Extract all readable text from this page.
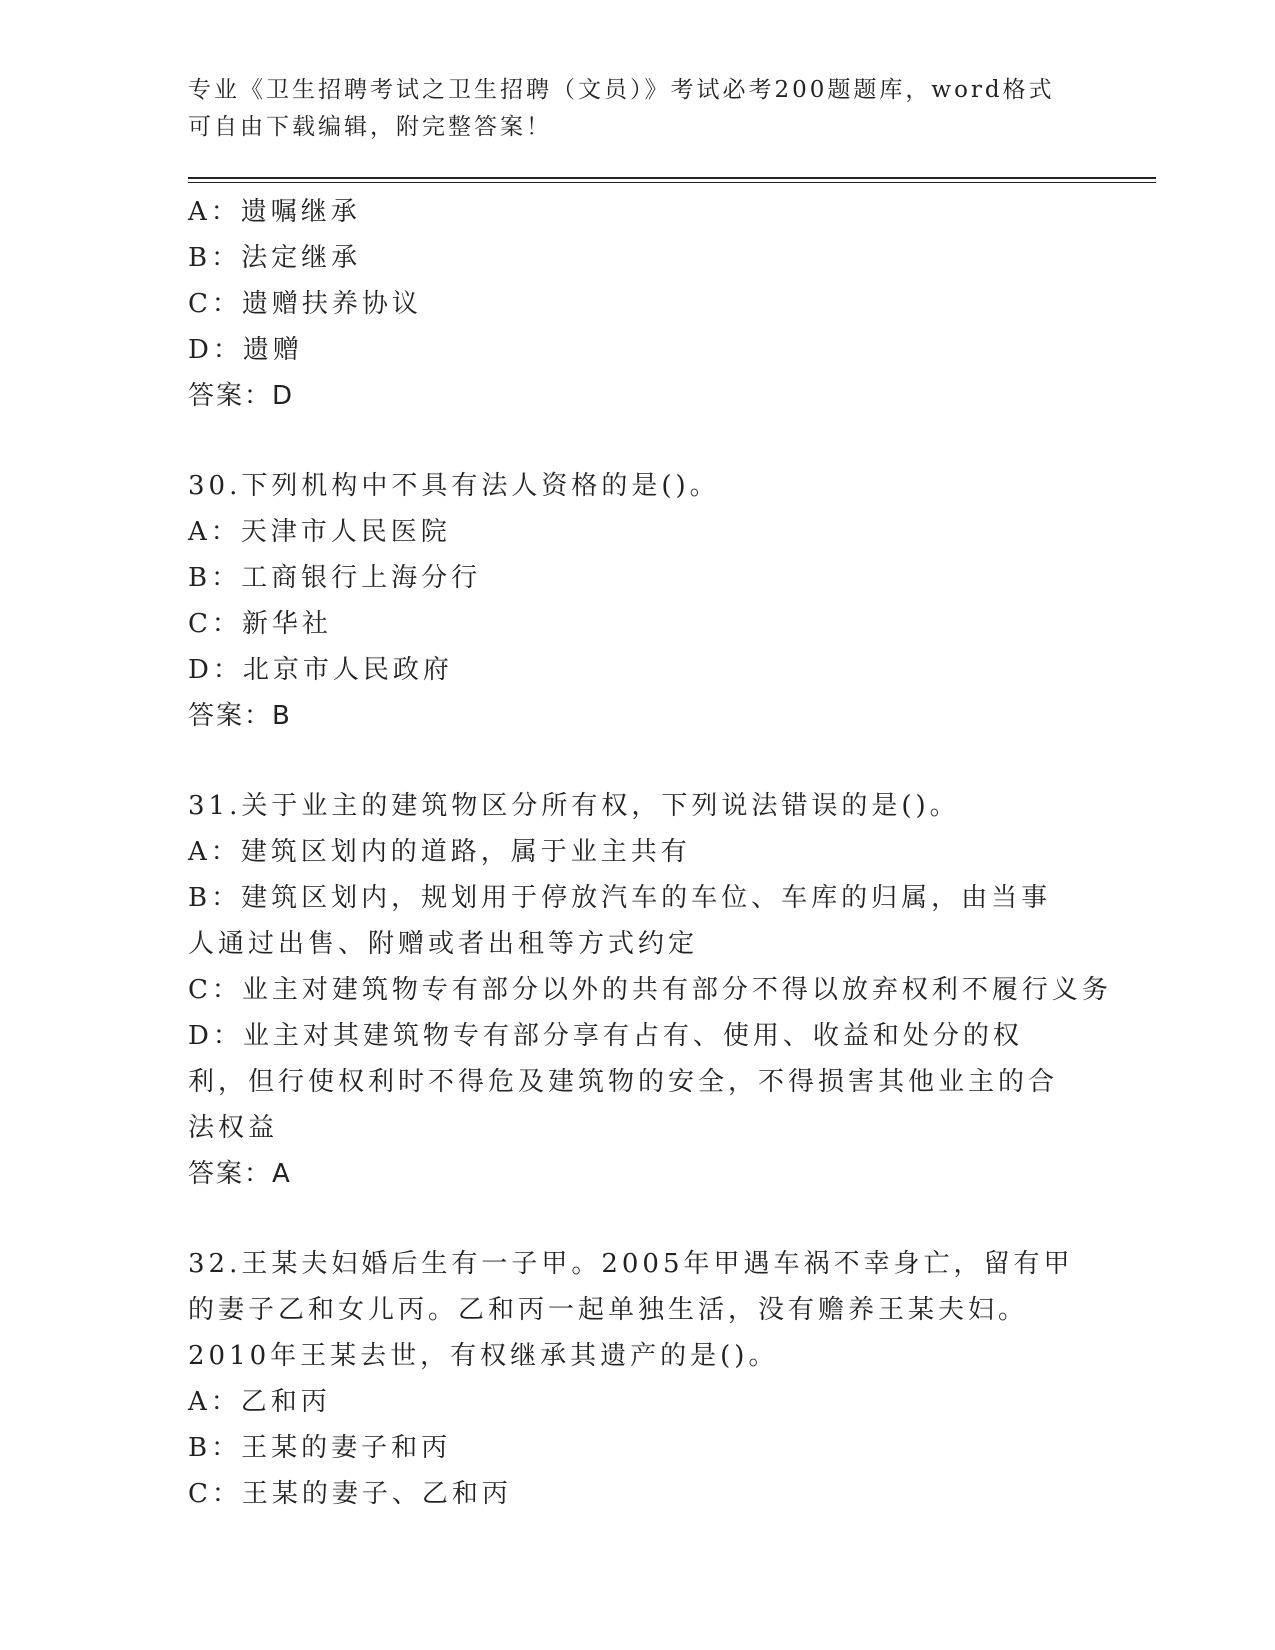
专业《卫生招聘考试之卫生招聘（文员）》考试必考200题题库，word格式可自由下载编辑，附完整答案！

A：遗嘱继承

B：法定继承

C：遗赠扶养协议

D：遗赠

答案：D

30.下列机构中不具有法人资格的是()。

A：天津市人民医院

B：工商银行上海分行

C：新华社

D：北京市人民政府

答案：B

31.关于业主的建筑物区分所有权，下列说法错误的是()。

A：建筑区划内的道路，属于业主共有

B：建筑区划内，规划用于停放汽车的车位、车库的归属，由当事人通过出售、附赠或者出租等方式约定

C：业主对建筑物专有部分以外的共有部分不得以放弃权利不履行义务

D：业主对其建筑物专有部分享有占有、使用、收益和处分的权利，但行使权利时不得危及建筑物的安全，不得损害其他业主的合法权益

答案：A

32.王某夫妇婚后生有一子甲。2005年甲遇车祸不幸身亡，留有甲的妻子乙和女儿丙。乙和丙一起单独生活，没有赡养王某夫妇。2010年王某去世，有权继承其遗产的是()。

A：乙和丙

B：王某的妻子和丙

C：王某的妻子、乙和丙
